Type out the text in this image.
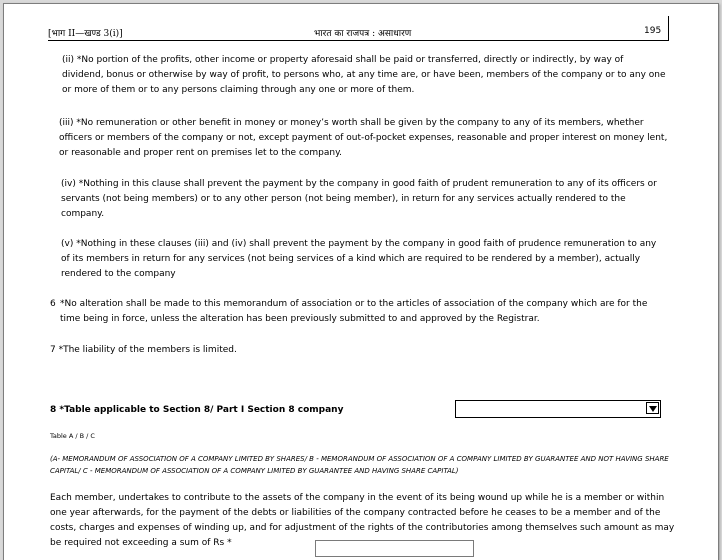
[भाग II—खण्ड 3(i)]	भारत का राजपत्र : असाधारण	195
(ii) *No portion of the profits, other income or property aforesaid shall be paid or transferred, directly or indirectly, by way of dividend, bonus or otherwise by way of profit, to persons who, at any time are, or have been, members of the company or to any one or more of them or to any persons claiming through any one or more of them.
(iii) *No remuneration or other benefit in money or money’s worth shall be given by the company to any of its members, whether officers or members of the company or not, except payment of out-of-pocket expenses, reasonable and proper interest on money lent, or reasonable and proper rent on premises let to the company.
(iv) *Nothing in this clause shall prevent the payment by the company in good faith of prudent remuneration to any of its officers or servants (not being members) or to any other person (not being member), in return for any services actually rendered to the company.
(v) *Nothing in these clauses (iii) and (iv) shall prevent the payment by the company in good faith of prudence remuneration to any of its members in return for any services (not being services of a kind which are required to be rendered by a member), actually rendered to the company
6 *No alteration shall be made to this memorandum of association or to the articles of association of the company which are for the time being in force, unless the alteration has been previously submitted to and approved by the Registrar.
7 *The liability of the members is limited.
8 *Table applicable to Section 8/ Part I Section 8 company
Table A / B / C
(A- MEMORANDUM OF ASSOCIATION OF A COMPANY LIMITED BY SHARES/ B - MEMORANDUM OF ASSOCIATION OF A COMPANY LIMITED BY GUARANTEE AND NOT HAVING SHARE CAPITAL/ C - MEMORANDUM OF ASSOCIATION OF A COMPANY LIMITED BY GUARANTEE AND HAVING SHARE CAPITAL)
Each member, undertakes to contribute to the assets of the company in the event of its being wound up while he is a member or within one year afterwards, for the payment of the debts or liabilities of the company contracted before he ceases to be a member and of the costs, charges and expenses of winding up, and for adjustment of the rights of the contributories among themselves such amount as may be required not exceeding a sum of Rs *
